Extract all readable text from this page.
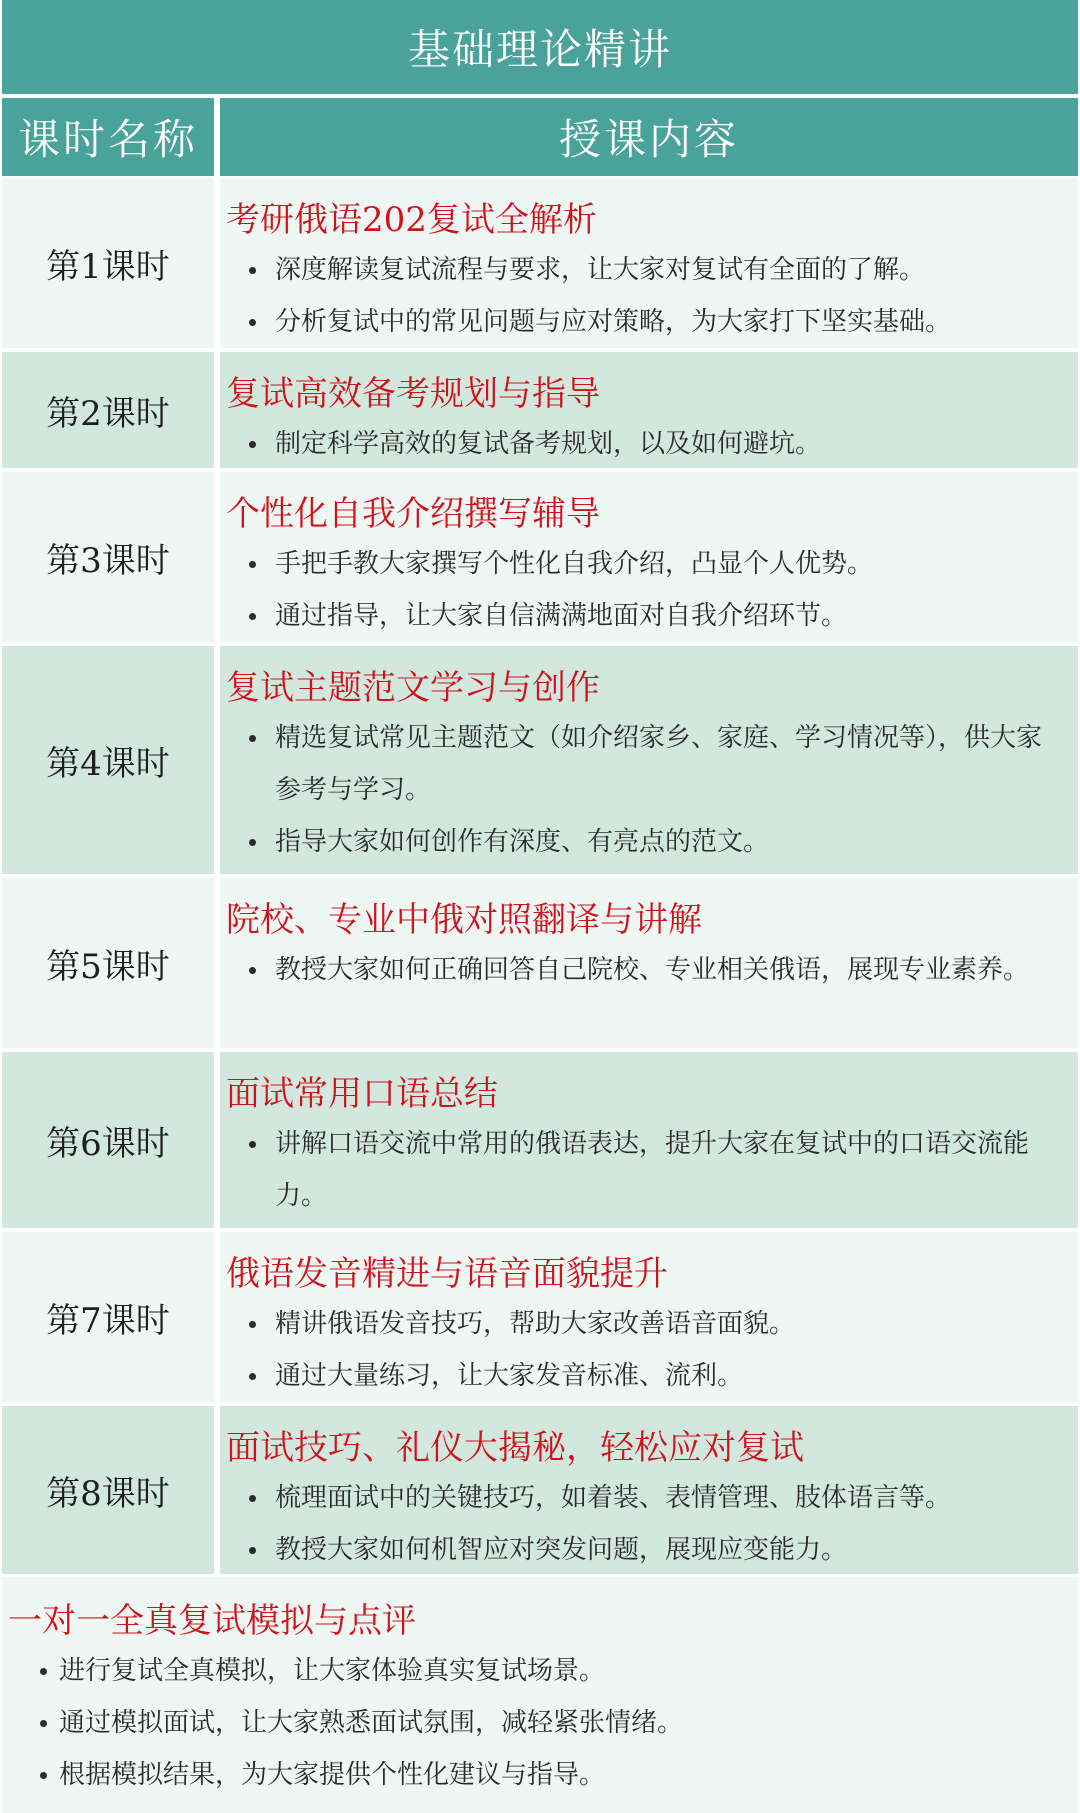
基础理论精讲
课时名称	授课内容
第1课时
考研俄语202复试全解析
深度解读复试流程与要求，让大家对复试有全面的了解。
分析复试中的常见问题与应对策略，为大家打下坚实基础。
第2课时	复试高效备考规划与指导
制定科学高效的复试备考规划，以及如何避坑。
第3课时
个性化自我介绍撰写辅导
手把手教大家撰写个性化自我介绍，凸显个人优势。
通过指导，让大家自信满满地面对自我介绍环节。
第4课时
复试主题范文学习与创作
精选复试常见主题范文（如介绍家乡、家庭、学习情况等），供大家参考与学习。
指导大家如何创作有深度、有亮点的范文。
第5课时
院校、专业中俄对照翻译与讲解
教授大家如何正确回答自己院校、专业相关俄语，展现专业素养。
第6课时
面试常用口语总结
讲解口语交流中常用的俄语表达，提升大家在复试中的口语交流能力。
第7课时
俄语发音精进与语音面貌提升
精讲俄语发音技巧，帮助大家改善语音面貌。
通过大量练习，让大家发音标准、流利。
第8课时
面试技巧、礼仪大揭秘，轻松应对复试
梳理面试中的关键技巧，如着装、表情管理、肢体语言等。
教授大家如何机智应对突发问题，展现应变能力。
一对一全真复试模拟与点评
进行复试全真模拟，让大家体验真实复试场景。
通过模拟面试，让大家熟悉面试氛围，减轻紧张情绪。
根据模拟结果，为大家提供个性化建议与指导。
